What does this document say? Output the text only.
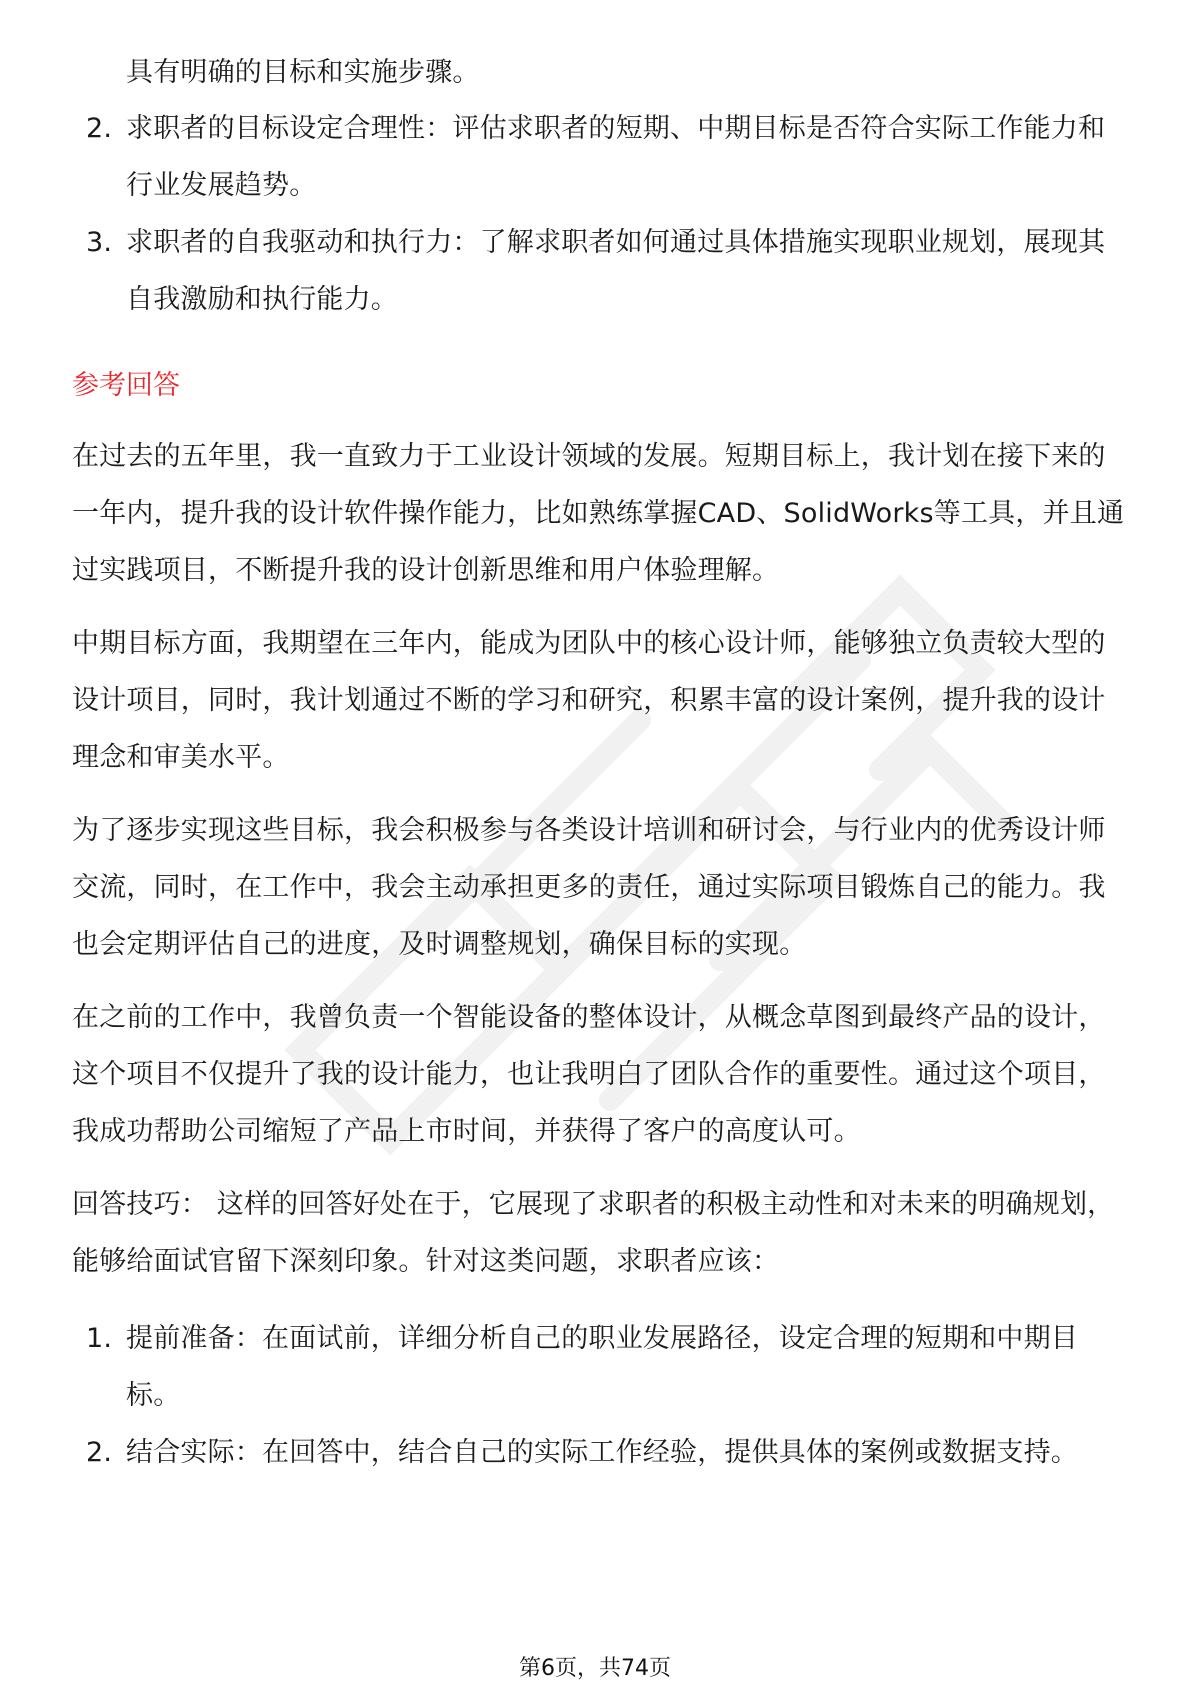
具有明确的目标和实施步骤。
2. 求职者的目标设定合理性：评估求职者的短期、中期目标是否符合实际工作能力和行业发展趋势。
3. 求职者的自我驱动和执行力：了解求职者如何通过具体措施实现职业规划，展现其自我激励和执行能力。
参考回答

在过去的五年里，我一直致力于工业设计领域的发展。短期目标上，我计划在接下来的一年内，提升我的设计软件操作能力，比如熟练掌握CAD、SolidWorks等工具，并且通过实践项目，不断提升我的设计创新思维和用户体验理解。

中期目标方面，我期望在三年内，能成为团队中的核心设计师，能够独立负责较大型的设计项目，同时，我计划通过不断的学习和研究，积累丰富的设计案例，提升我的设计理念和审美水平。

为了逐步实现这些目标，我会积极参与各类设计培训和研讨会，与行业内的优秀设计师交流，同时，在工作中，我会主动承担更多的责任，通过实际项目锻炼自己的能力。我也会定期评估自己的进度，及时调整规划，确保目标的实现。

在之前的工作中，我曾负责一个智能设备的整体设计，从概念草图到最终产品的设计，这个项目不仅提升了我的设计能力，也让我明白了团队合作的重要性。通过这个项目，我成功帮助公司缩短了产品上市时间，并获得了客户的高度认可。

回答技巧： 这样的回答好处在于，它展现了求职者的积极主动性和对未来的明确规划，能够给面试官留下深刻印象。针对这类问题，求职者应该：

1. 提前准备：在面试前，详细分析自己的职业发展路径，设定合理的短期和中期目标。
2. 结合实际：在回答中，结合自己的实际工作经验，提供具体的案例或数据支持。
第6页，共74页
